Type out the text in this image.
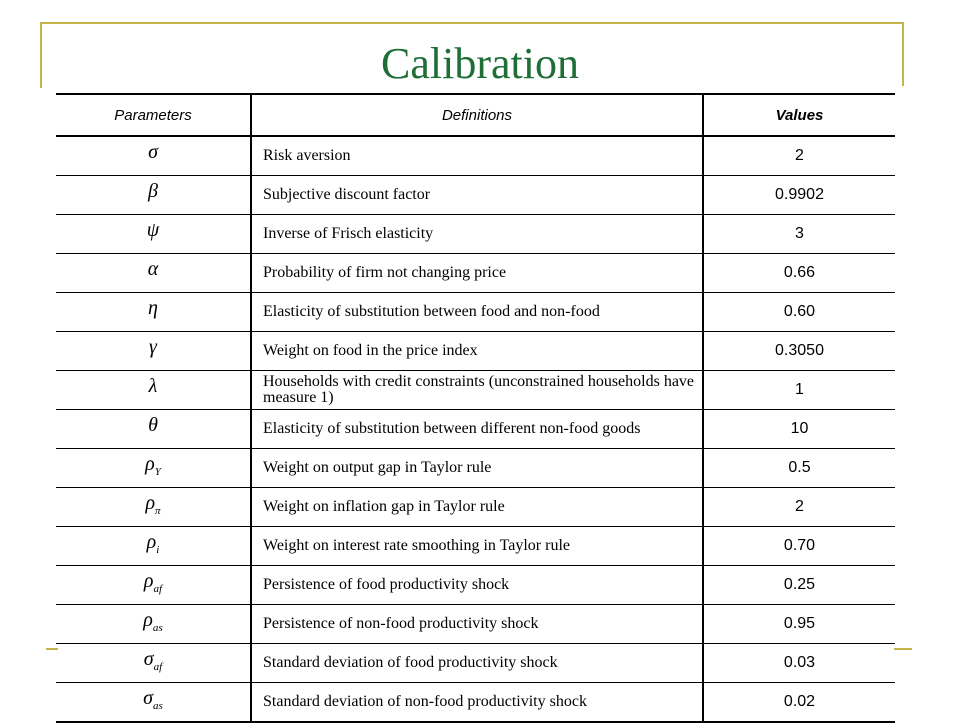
Calibration
Parameters	Definitions	Values
σ	Risk aversion	2
β	Subjective discount factor	0.9902
ψ	Inverse of Frisch elasticity	3
α	Probability of firm not changing price	0.66
η	Elasticity of substitution between food and non-food	0.60
γ	Weight on food in the price index	0.3050
λ	Households with credit constraints (unconstrained households have measure 1)	1
θ	Elasticity of substitution between different non-food goods	10
$\rho_Y$	Weight on output gap in Taylor rule	0.5
$\rho_\pi$	Weight on inflation gap in Taylor rule	2
$\rho_i$	Weight on interest rate smoothing in Taylor rule	0.70
$\rho_{af}$	Persistence of food productivity shock	0.25
$\rho_{as}$	Persistence of non-food productivity shock	0.95
$\sigma_{af}$	Standard deviation of food productivity shock	0.03
$\sigma_{as}$	Standard deviation of non-food productivity shock	0.02
